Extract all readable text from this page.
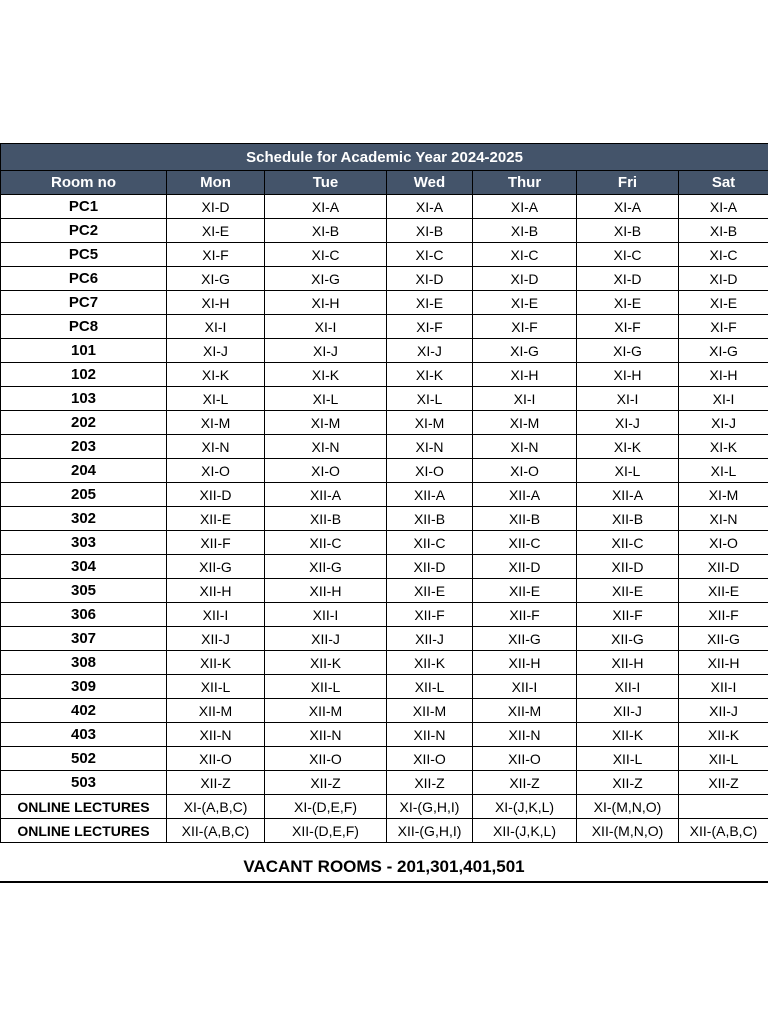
Schedule for Academic Year 2024-2025						
Room no	Mon	Tue	Wed	Thur	Fri	Sat
PC1	XI-D	XI-A	XI-A	XI-A	XI-A	XI-A
PC2	XI-E	XI-B	XI-B	XI-B	XI-B	XI-B
PC5	XI-F	XI-C	XI-C	XI-C	XI-C	XI-C
PC6	XI-G	XI-G	XI-D	XI-D	XI-D	XI-D
PC7	XI-H	XI-H	XI-E	XI-E	XI-E	XI-E
PC8	XI-I	XI-I	XI-F	XI-F	XI-F	XI-F
101	XI-J	XI-J	XI-J	XI-G	XI-G	XI-G
102	XI-K	XI-K	XI-K	XI-H	XI-H	XI-H
103	XI-L	XI-L	XI-L	XI-I	XI-I	XI-I
202	XI-M	XI-M	XI-M	XI-M	XI-J	XI-J
203	XI-N	XI-N	XI-N	XI-N	XI-K	XI-K
204	XI-O	XI-O	XI-O	XI-O	XI-L	XI-L
205	XII-D	XII-A	XII-A	XII-A	XII-A	XI-M
302	XII-E	XII-B	XII-B	XII-B	XII-B	XI-N
303	XII-F	XII-C	XII-C	XII-C	XII-C	XI-O
304	XII-G	XII-G	XII-D	XII-D	XII-D	XII-D
305	XII-H	XII-H	XII-E	XII-E	XII-E	XII-E
306	XII-I	XII-I	XII-F	XII-F	XII-F	XII-F
307	XII-J	XII-J	XII-J	XII-G	XII-G	XII-G
308	XII-K	XII-K	XII-K	XII-H	XII-H	XII-H
309	XII-L	XII-L	XII-L	XII-I	XII-I	XII-I
402	XII-M	XII-M	XII-M	XII-M	XII-J	XII-J
403	XII-N	XII-N	XII-N	XII-N	XII-K	XII-K
502	XII-O	XII-O	XII-O	XII-O	XII-L	XII-L
503	XII-Z	XII-Z	XII-Z	XII-Z	XII-Z	XII-Z
ONLINE LECTURES	XI-(A,B,C)	XI-(D,E,F)	XI-(G,H,I)	XI-(J,K,L)	XI-(M,N,O)	
ONLINE LECTURES	XII-(A,B,C)	XII-(D,E,F)	XII-(G,H,I)	XII-(J,K,L)	XII-(M,N,O)	XII-(A,B,C)
VACANT ROOMS - 201,301,401,501
